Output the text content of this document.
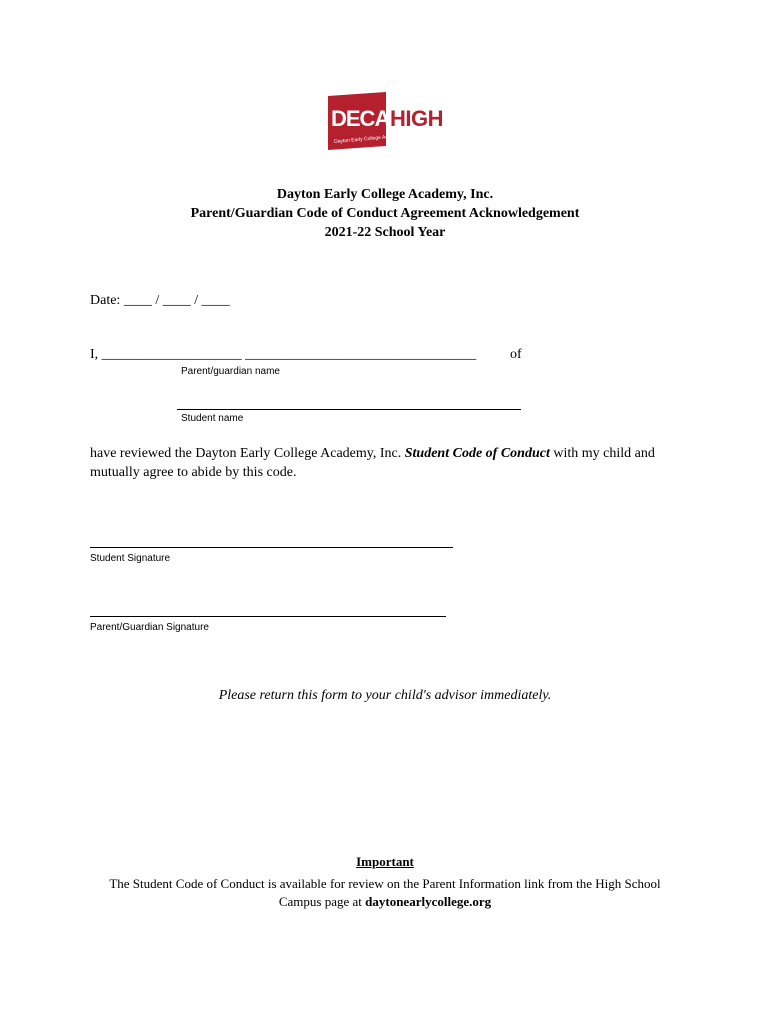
DECA HIGH
Dayton Early College Academy
Dayton Early College Academy, Inc.
Parent/Guardian Code of Conduct Agreement Acknowledgement
2021-22 School Year
Date: ____ / ____ / ____
I, ____________________ _________________________________ of
Parent/guardian name
Student name
have reviewed the Dayton Early College Academy, Inc. Student Code of Conduct with my child and mutually agree to abide by this code.
Student Signature
Parent/Guardian Signature
Please return this form to your child's advisor immediately.
Important
The Student Code of Conduct is available for review on the Parent Information link from the High School Campus page at daytonearlycollege.org
